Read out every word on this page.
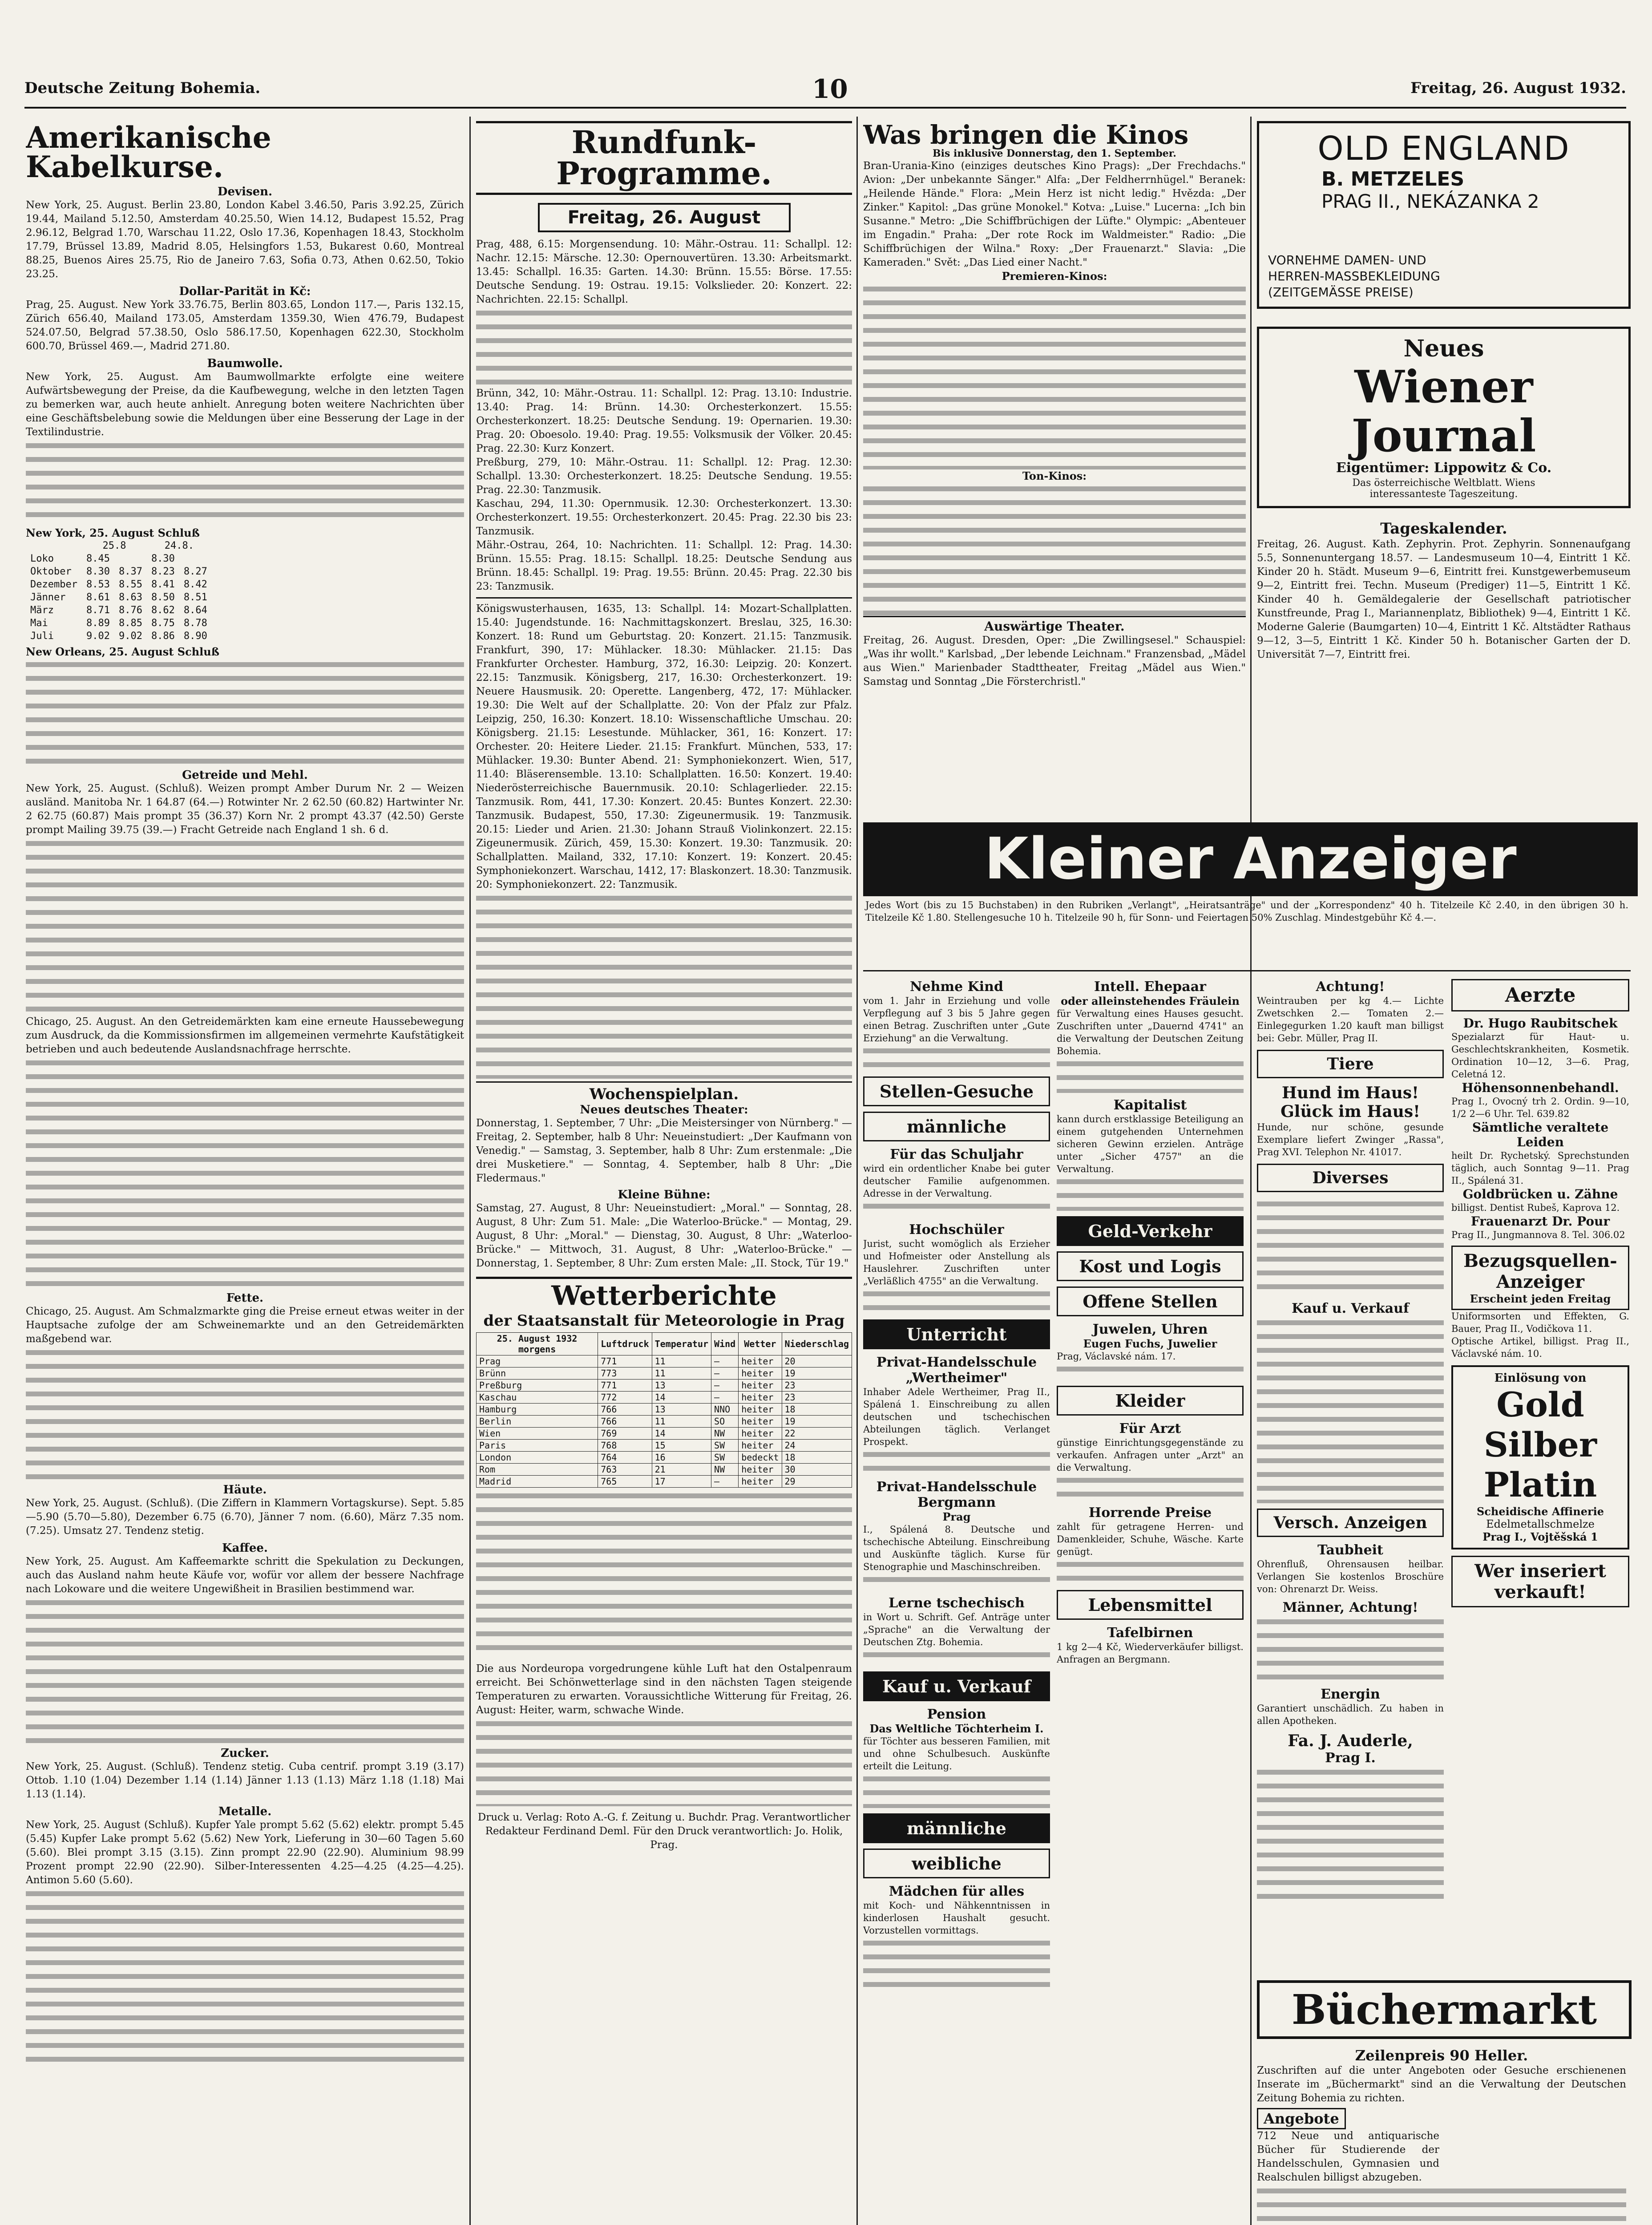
Deutsche Zeitung Bohemia.	10	Freitag, 26. August 1932.
Amerikanische Kabelkurse.
Devisen.

New York, 25. August. Berlin 23.80, London Kabel 3.46.50, Paris 3.92.25, Zürich 19.44, Mailand 5.12.50, Amsterdam 40.25.50, Wien 14.12, Budapest 15.52, Prag 2.96.12, Belgrad 1.70, Warschau 11.22, Oslo 17.36, Kopenhagen 18.43, Stockholm 17.79, Brüssel 13.89, Madrid 8.05, Helsingfors 1.53, Bukarest 0.60, Montreal 88.25, Buenos Aires 25.75, Rio de Janeiro 7.63, Sofia 0.73, Athen 0.62.50, Tokio 23.25.

Dollar-Parität in Kč:

Prag, 25. August. New York 33.76.75, Berlin 803.65, London 117.—, Paris 132.15, Zürich 656.40, Mailand 173.05, Amsterdam 1359.30, Wien 476.79, Budapest 524.07.50, Belgrad 57.38.50, Oslo 586.17.50, Kopenhagen 622.30, Stockholm 600.70, Brüssel 469.—, Madrid 271.80.

Baumwolle.

New York, 25. August. Am Baumwollmarkte erfolgte eine weitere Aufwärtsbewegung der Preise, da die Kaufbewegung, welche in den letzten Tagen zu bemerken war, auch heute anhielt. Anregung boten weitere Nachrichten über eine Geschäftsbelebung sowie die Meldungen über eine Besserung der Lage in der Textilindustrie.

New York, 25. August Schluß
	25.8		24.8.	
Loko	8.45		8.30	
Oktober	8.30	8.37	8.23	8.27
Dezember	8.53	8.55	8.41	8.42
Jänner	8.61	8.63	8.50	8.51
März	8.71	8.76	8.62	8.64
Mai	8.89	8.85	8.75	8.78
Juli	9.02	9.02	8.86	8.90
New Orleans, 25. August Schluß
Getreide und Mehl.

New York, 25. August. (Schluß). Weizen prompt Amber Durum Nr. 2 — Weizen ausländ. Manitoba Nr. 1 64.87 (64.—) Rotwinter Nr. 2 62.50 (60.82) Hartwinter Nr. 2 62.75 (60.87) Mais prompt 35 (36.37) Korn Nr. 2 prompt 43.37 (42.50) Gerste prompt Mailing 39.75 (39.—) Fracht Getreide nach England 1 sh. 6 d.

Chicago, 25. August. An den Getreidemärkten kam eine erneute Haussebewegung zum Ausdruck, da die Kommissionsfirmen im allgemeinen vermehrte Kaufstätigkeit betrieben und auch bedeutende Auslandsnachfrage herrschte.

Fette.

Chicago, 25. August. Am Schmalzmarkte ging die Preise erneut etwas weiter in der Hauptsache zufolge der am Schweinemarkte und an den Getreidemärkten maßgebend war.

Häute.

New York, 25. August. (Schluß). (Die Ziffern in Klammern Vortagskurse). Sept. 5.85—5.90 (5.70—5.80), Dezember 6.75 (6.70), Jänner 7 nom. (6.60), März 7.35 nom. (7.25). Umsatz 27. Tendenz stetig.

Kaffee.

New York, 25. August. Am Kaffeemarkte schritt die Spekulation zu Deckungen, auch das Ausland nahm heute Käufe vor, wofür vor allem der bessere Nachfrage nach Lokoware und die weitere Ungewißheit in Brasilien bestimmend war.

Zucker.

New York, 25. August. (Schluß). Tendenz stetig. Cuba centrif. prompt 3.19 (3.17) Ottob. 1.10 (1.04) Dezember 1.14 (1.14) Jänner 1.13 (1.13) März 1.18 (1.18) Mai 1.13 (1.14).

Metalle.

New York, 25. August (Schluß). Kupfer Yale prompt 5.62 (5.62) elektr. prompt 5.45 (5.45) Kupfer Lake prompt 5.62 (5.62) New York, Lieferung in 30—60 Tagen 5.60 (5.60). Blei prompt 3.15 (3.15). Zinn prompt 22.90 (22.90). Aluminium 98.99 Prozent prompt 22.90 (22.90). Silber-Interessenten 4.25—4.25 (4.25—4.25). Antimon 5.60 (5.60).

Rundfunk-Programme.
Freitag, 26. August

Prag, 488, 6.15: Morgensendung. 10: Mähr.-Ostrau. 11: Schallpl. 12: Nachr. 12.15: Märsche. 12.30: Opernouvertüren. 13.30: Arbeitsmarkt. 13.45: Schallpl. 16.35: Garten. 14.30: Brünn. 15.55: Börse. 17.55: Deutsche Sendung. 19: Ostrau. 19.15: Volkslieder. 20: Konzert. 22: Nachrichten. 22.15: Schallpl.

Brünn, 342, 10: Mähr.-Ostrau. 11: Schallpl. 12: Prag. 13.10: Industrie. 13.40: Prag. 14: Brünn. 14.30: Orchesterkonzert. 15.55: Orchesterkonzert. 18.25: Deutsche Sendung. 19: Opernarien. 19.30: Prag. 20: Oboesolo. 19.40: Prag. 19.55: Volksmusik der Völker. 20.45: Prag. 22.30: Kurz Konzert.

Preßburg, 279, 10: Mähr.-Ostrau. 11: Schallpl. 12: Prag. 12.30: Schallpl. 13.30: Orchesterkonzert. 18.25: Deutsche Sendung. 19.55: Prag. 22.30: Tanzmusik.

Kaschau, 294, 11.30: Opernmusik. 12.30: Orchesterkonzert. 13.30: Orchesterkonzert. 19.55: Orchesterkonzert. 20.45: Prag. 22.30 bis 23: Tanzmusik.

Mähr.-Ostrau, 264, 10: Nachrichten. 11: Schallpl. 12: Prag. 14.30: Brünn. 15.55: Prag. 18.15: Schallpl. 18.25: Deutsche Sendung aus Brünn. 18.45: Schallpl. 19: Prag. 19.55: Brünn. 20.45: Prag. 22.30 bis 23: Tanzmusik.

Königswusterhausen, 1635, 13: Schallpl. 14: Mozart-Schallplatten. 15.40: Jugendstunde. 16: Nachmittagskonzert. Breslau, 325, 16.30: Konzert. 18: Rund um Geburtstag. 20: Konzert. 21.15: Tanzmusik. Frankfurt, 390, 17: Mühlacker. 18.30: Mühlacker. 21.15: Das Frankfurter Orchester. Hamburg, 372, 16.30: Leipzig. 20: Konzert. 22.15: Tanzmusik. Königsberg, 217, 16.30: Orchesterkonzert. 19: Neuere Hausmusik. 20: Operette. Langenberg, 472, 17: Mühlacker. 19.30: Die Welt auf der Schallplatte. 20: Von der Pfalz zur Pfalz. Leipzig, 250, 16.30: Konzert. 18.10: Wissenschaftliche Umschau. 20: Königsberg. 21.15: Lesestunde. Mühlacker, 361, 16: Konzert. 17: Orchester. 20: Heitere Lieder. 21.15: Frankfurt. München, 533, 17: Mühlacker. 19.30: Bunter Abend. 21: Symphoniekonzert. Wien, 517, 11.40: Bläserensemble. 13.10: Schallplatten. 16.50: Konzert. 19.40: Niederösterreichische Bauernmusik. 20.10: Schlagerlieder. 22.15: Tanzmusik. Rom, 441, 17.30: Konzert. 20.45: Buntes Konzert. 22.30: Tanzmusik. Budapest, 550, 17.30: Zigeunermusik. 19: Tanzmusik. 20.15: Lieder und Arien. 21.30: Johann Strauß Violinkonzert. 22.15: Zigeunermusik. Zürich, 459, 15.30: Konzert. 19.30: Tanzmusik. 20: Schallplatten. Mailand, 332, 17.10: Konzert. 19: Konzert. 20.45: Symphoniekonzert. Warschau, 1412, 17: Blaskonzert. 18.30: Tanzmusik. 20: Symphoniekonzert. 22: Tanzmusik.

Wochenspielplan.
Neues deutsches Theater:

Donnerstag, 1. September, 7 Uhr: „Die Meistersinger von Nürnberg." — Freitag, 2. September, halb 8 Uhr: Neueinstudiert: „Der Kaufmann von Venedig." — Samstag, 3. September, halb 8 Uhr: Zum erstenmale: „Die drei Musketiere." — Sonntag, 4. September, halb 8 Uhr: „Die Fledermaus."

Kleine Bühne:

Samstag, 27. August, 8 Uhr: Neueinstudiert: „Moral." — Sonntag, 28. August, 8 Uhr: Zum 51. Male: „Die Waterloo-Brücke." — Montag, 29. August, 8 Uhr: „Moral." — Dienstag, 30. August, 8 Uhr: „Waterloo-Brücke." — Mittwoch, 31. August, 8 Uhr: „Waterloo-Brücke." — Donnerstag, 1. September, 8 Uhr: Zum ersten Male: „II. Stock, Tür 19."

Wetterberichte
der Staatsanstalt für Meteorologie in Prag
25. August 1932 morgens	Luftdruck	Temperatur	Wind	Wetter	Niederschlag
Prag	771	11	—	heiter	20
Brünn	773	11	—	heiter	19
Preßburg	771	13	—	heiter	23
Kaschau	772	14	—	heiter	23
Hamburg	766	13	NNO	heiter	18
Berlin	766	11	SO	heiter	19
Wien	769	14	NW	heiter	22
Paris	768	15	SW	heiter	24
London	764	16	SW	bedeckt	18
Rom	763	21	NW	heiter	30
Madrid	765	17	—	heiter	29

Die aus Nordeuropa vorgedrungene kühle Luft hat den Ostalpenraum erreicht. Bei Schönwetterlage sind in den nächsten Tagen steigende Temperaturen zu erwarten. Voraussichtliche Witterung für Freitag, 26. August: Heiter, warm, schwache Winde.

Druck u. Verlag: Roto A.-G. f. Zeitung u. Buchdr. Prag. Verantwortlicher Redakteur Ferdinand Deml. Für den Druck verantwortlich: Jo. Holik, Prag.

Was bringen die Kinos
Bis inklusive Donnerstag, den 1. September.

Bran-Urania-Kino (einziges deutsches Kino Prags): „Der Frechdachs." Avion: „Der unbekannte Sänger." Alfa: „Der Feldherrnhügel." Beranek: „Heilende Hände." Flora: „Mein Herz ist nicht ledig." Hvězda: „Der Zinker." Kapitol: „Das grüne Monokel." Kotva: „Luise." Lucerna: „Ich bin Susanne." Metro: „Die Schiffbrüchigen der Lüfte." Olympic: „Abenteuer im Engadin." Praha: „Der rote Rock im Waldmeister." Radio: „Die Schiffbrüchigen der Wilna." Roxy: „Der Frauenarzt." Slavia: „Die Kameraden." Svět: „Das Lied einer Nacht."

Premieren-Kinos:
Ton-Kinos:
Auswärtige Theater.

Freitag, 26. August. Dresden, Oper: „Die Zwillingsesel." Schauspiel: „Was ihr wollt." Karlsbad, „Der lebende Leichnam." Franzensbad, „Mädel aus Wien." Marienbader Stadttheater, Freitag „Mädel aus Wien." Samstag und Sonntag „Die Försterchristl."

OLD ENGLAND
B. METZELES
PRAG II., NEKÁZANKA 2
VORNEHME DAMEN- UND HERREN-MASSBEKLEIDUNG (ZEITGEMÄSSE PREISE)
Neues
Wiener Journal
Eigentümer: Lippowitz & Co.
Das österreichische Weltblatt. Wiens interessanteste Tageszeitung.
Tageskalender.

Freitag, 26. August. Kath. Zephyrin. Prot. Zephyrin. Sonnenaufgang 5.5, Sonnenuntergang 18.57. — Landesmuseum 10—4, Eintritt 1 Kč. Kinder 20 h. Städt. Museum 9—6, Eintritt frei. Kunstgewerbemuseum 9—2, Eintritt frei. Techn. Museum (Prediger) 11—5, Eintritt 1 Kč. Kinder 40 h. Gemäldegalerie der Gesellschaft patriotischer Kunstfreunde, Prag I., Mariannenplatz, Bibliothek) 9—4, Eintritt 1 Kč. Moderne Galerie (Baumgarten) 10—4, Eintritt 1 Kč. Altstädter Rathaus 9—12, 3—5, Eintritt 1 Kč. Kinder 50 h. Botanischer Garten der D. Universität 7—7, Eintritt frei.

Kleiner Anzeiger

Jedes Wort (bis zu 15 Buchstaben) in den Rubriken „Verlangt", „Heiratsanträge" und der „Korrespondenz" 40 h. Titelzeile Kč 2.40, in den übrigen 30 h. Titelzeile Kč 1.80. Stellengesuche 10 h. Titelzeile 90 h, für Sonn- und Feiertagen 50% Zuschlag. Mindestgebühr Kč 4.—.

Nehme Kind

vom 1. Jahr in Erziehung und volle Verpflegung auf 3 bis 5 Jahre gegen einen Betrag. Zuschriften unter „Gute Erziehung" an die Verwaltung.

Stellen-Gesuche
männliche
Für das Schuljahr

wird ein ordentlicher Knabe bei guter deutscher Familie aufgenommen. Adresse in der Verwaltung.

Hochschüler

Jurist, sucht womöglich als Erzieher und Hofmeister oder Anstellung als Hauslehrer. Zuschriften unter „Verläßlich 4755" an die Verwaltung.

Unterricht
Privat-Handelsschule „Wertheimer"

Inhaber Adele Wertheimer, Prag II., Spálená 1. Einschreibung zu allen deutschen und tschechischen Abteilungen täglich. Verlanget Prospekt.

Privat-Handelsschule Bergmann
Prag

I., Spálená 8. Deutsche und tschechische Abteilung. Einschreibung und Auskünfte täglich. Kurse für Stenographie und Maschinschreiben.

Lerne tschechisch

in Wort u. Schrift. Gef. Anträge unter „Sprache" an die Verwaltung der Deutschen Ztg. Bohemia.

Kauf u. Verkauf
Pension
Das Weltliche Töchterheim I.

für Töchter aus besseren Familien, mit und ohne Schulbesuch. Auskünfte erteilt die Leitung.

männliche
weibliche
Mädchen für alles

mit Koch- und Nähkenntnissen in kinderlosen Haushalt gesucht. Vorzustellen vormittags.

Intell. Ehepaar
oder alleinstehendes Fräulein

für Verwaltung eines Hauses gesucht. Zuschriften unter „Dauernd 4741" an die Verwaltung der Deutschen Zeitung Bohemia.

Kapitalist

kann durch erstklassige Beteiligung an einem gutgehenden Unternehmen sicheren Gewinn erzielen. Anträge unter „Sicher 4757" an die Verwaltung.

Geld-Verkehr
Kost und Logis
Offene Stellen
Juwelen, Uhren
Eugen Fuchs, Juwelier

Prag, Václavské nám. 17.

Kleider
Für Arzt

günstige Einrichtungsgegenstände zu verkaufen. Anfragen unter „Arzt" an die Verwaltung.

Horrende Preise

zahlt für getragene Herren- und Damenkleider, Schuhe, Wäsche. Karte genügt.

Lebensmittel
Tafelbirnen

1 kg 2—4 Kč, Wiederverkäufer billigst. Anfragen an Bergmann.

Achtung!

Weintrauben per kg 4.— Lichte Zwetschken 2.— Tomaten 2.— Einlegegurken 1.20 kauft man billigst bei: Gebr. Müller, Prag II.

Tiere
Hund im Haus! Glück im Haus!

Hunde, nur schöne, gesunde Exemplare liefert Zwinger „Rassa", Prag XVI. Telephon Nr. 41017.

Diverses
Kauf u. Verkauf
Versch. Anzeigen
Taubheit

Ohrenfluß, Ohrensausen heilbar. Verlangen Sie kostenlos Broschüre von: Ohrenarzt Dr. Weiss.

Männer, Achtung!
Energin

Garantiert unschädlich. Zu haben in allen Apotheken.

Fa. J. Auderle,
Prag I.
Aerzte
Dr. Hugo Raubitschek

Spezialarzt für Haut- u. Geschlechtskrankheiten, Kosmetik. Ordination 10—12, 3—6. Prag, Celetná 12.

Höhensonnenbehandl.

Prag I., Ovocný trh 2. Ordin. 9—10, 1/2 2—6 Uhr. Tel. 639.82

Sämtliche veraltete Leiden

heilt Dr. Rychetský. Sprechstunden täglich, auch Sonntag 9—11. Prag II., Spálená 31.

Goldbrücken u. Zähne

billigst. Dentist Rubeš, Kaprova 12.

Frauenarzt Dr. Pour

Prag II., Jungmannova 8. Tel. 306.02

Bezugsquellen-Anzeiger
Erscheint jeden Freitag

Uniformsorten und Effekten, G. Bauer, Prag II., Vodičkova 11.

Optische Artikel, billigst. Prag II., Václavské nám. 10.

Einlösung von
Gold
Silber
Platin
Scheidische Affinerie
Edelmetallschmelze
Prag I., Vojtěšská 1
Wer inseriert verkauft!
Büchermarkt
Zeilenpreis 90 Heller.

Zuschriften auf die unter Angeboten oder Gesuche erschienenen Inserate im „Büchermarkt" sind an die Verwaltung der Deutschen Zeitung Bohemia zu richten.

Angebote

712 Neue und antiquarische Bücher für Studierende der Handelsschulen, Gymnasien und Realschulen billigst abzugeben.
